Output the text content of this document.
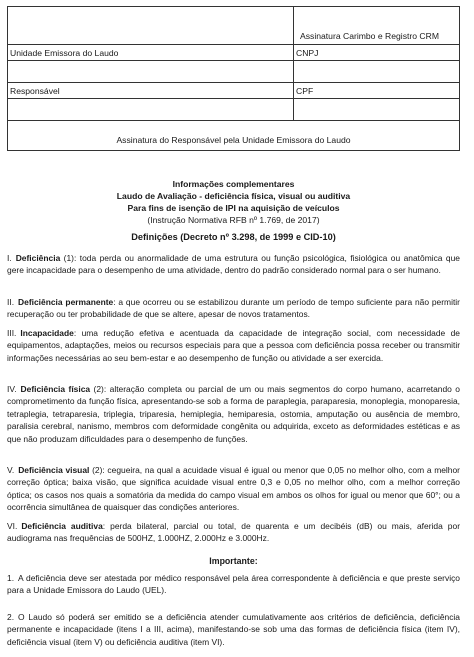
Assinatura Carimbo e Registro CRM
Unidade Emissora do Laudo	CNPJ
Responsável	CPF
Assinatura do Responsável pela Unidade Emissora do Laudo

Informações complementares

Laudo de Avaliação - deficiência física, visual ou auditiva

Para fins de isenção de IPI na aquisição de veículos

(Instrução Normativa RFB nº 1.769, de 2017)

Definições (Decreto nº 3.298, de 1999 e CID-10)

I. Deficiência (1): toda perda ou anormalidade de uma estrutura ou função psicológica, fisiológica ou anatômica que gere incapacidade para o desempenho de uma atividade, dentro do padrão considerado normal para o ser humano.

II. Deficiência permanente: a que ocorreu ou se estabilizou durante um período de tempo suficiente para não permitir recuperação ou ter probabilidade de que se altere, apesar de novos tratamentos.

III. Incapacidade: uma redução efetiva e acentuada da capacidade de integração social, com necessidade de equipamentos, adaptações, meios ou recursos especiais para que a pessoa com deficiência possa receber ou transmitir informações necessárias ao seu bem-estar e ao desempenho de função ou atividade a ser exercida.

IV. Deficiência física (2): alteração completa ou parcial de um ou mais segmentos do corpo humano, acarretando o comprometimento da função física, apresentando-se sob a forma de paraplegia, paraparesia, monoplegia, monoparesia, tetraplegia, tetraparesia, triplegia, triparesia, hemiplegia, hemiparesia, ostomia, amputação ou ausência de membro, paralisia cerebral, nanismo, membros com deformidade congênita ou adquirida, exceto as deformidades estéticas e as que não produzam dificuldades para o desempenho de funções.

V. Deficiência visual (2): cegueira, na qual a acuidade visual é igual ou menor que 0,05 no melhor olho, com a melhor correção óptica; baixa visão, que significa acuidade visual entre 0,3 e 0,05 no melhor olho, com a melhor correção óptica; os casos nos quais a somatória da medida do campo visual em ambos os olhos for igual ou menor que 60°; ou a ocorrência simultânea de quaisquer das condições anteriores.

VI. Deficiência auditiva: perda bilateral, parcial ou total, de quarenta e um decibéis (dB) ou mais, aferida por audiograma nas frequências de 500HZ, 1.000HZ, 2.000Hz e 3.000Hz.

Importante:

1. A deficiência deve ser atestada por médico responsável pela área correspondente à deficiência e que preste serviço para a Unidade Emissora do Laudo (UEL).

2. O Laudo só poderá ser emitido se a deficiência atender cumulativamente aos critérios de deficiência, deficiência permanente e incapacidade (itens I a III, acima), manifestando-se sob uma das formas de deficiência física (item IV), deficiência visual (item V) ou deficiência auditiva (item VI).
